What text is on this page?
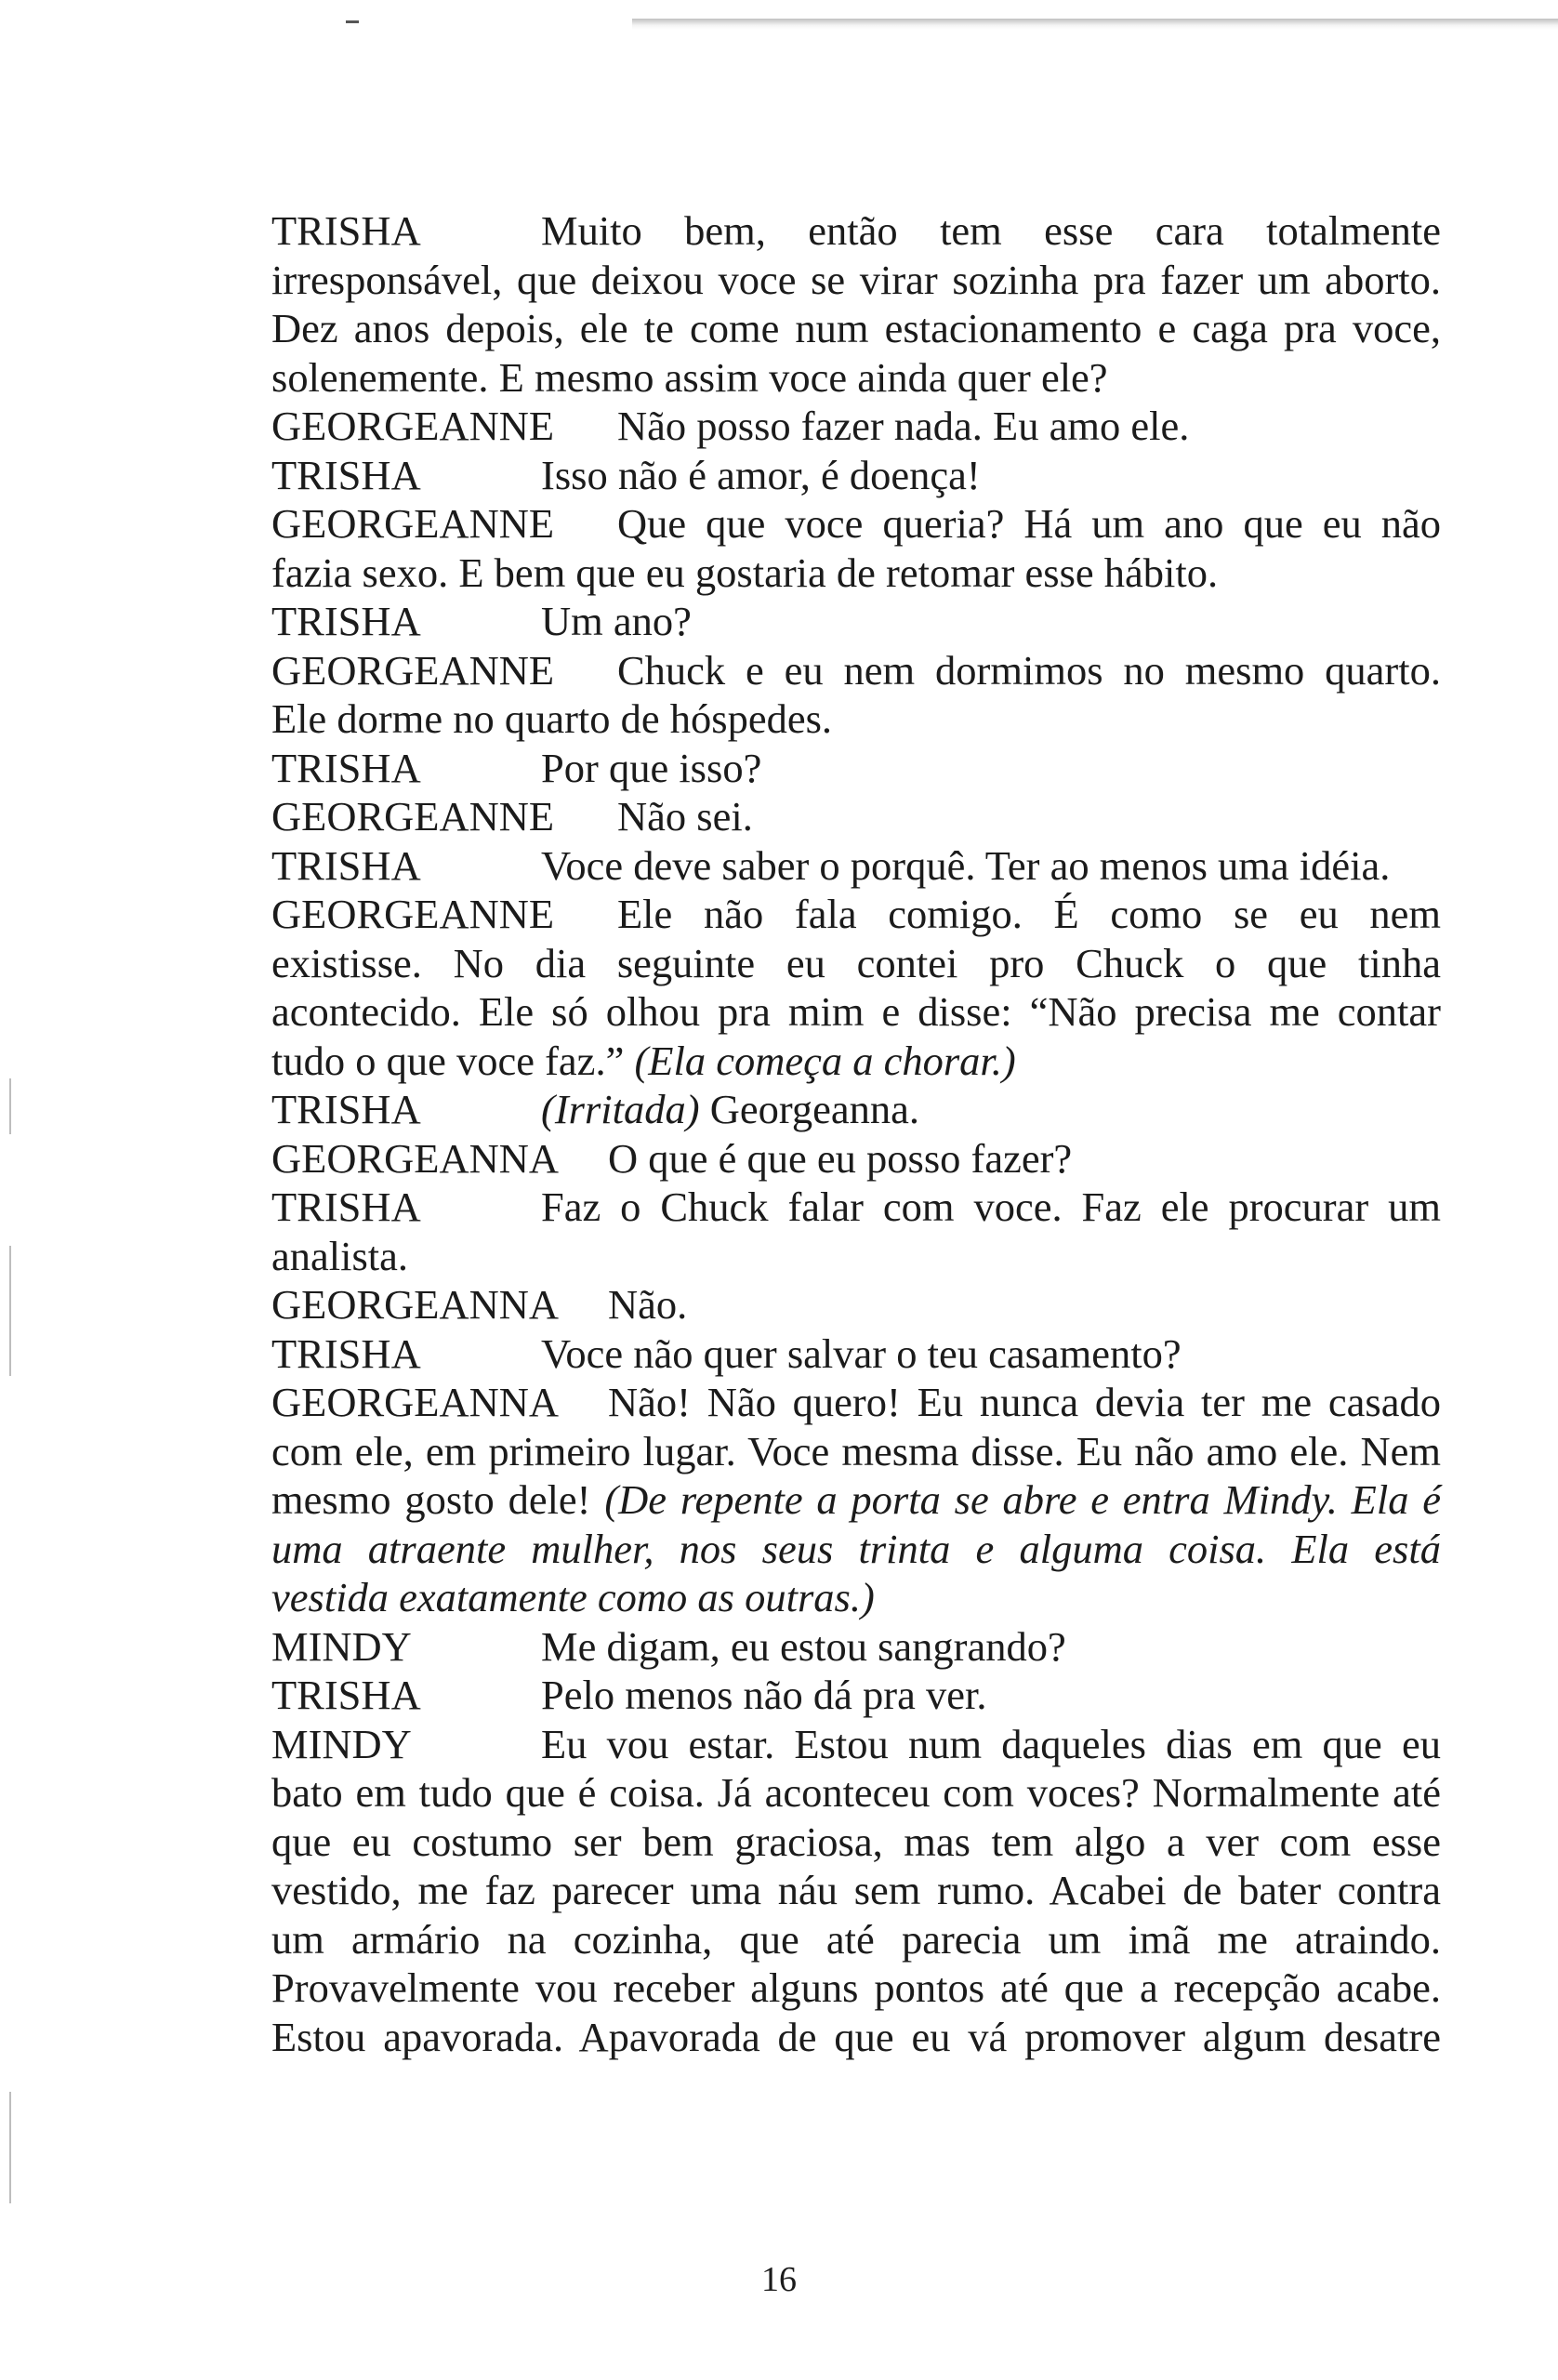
TRISHA	Muito bem, então tem esse cara totalmente
irresponsável, que deixou voce se virar sozinha pra fazer um aborto.
Dez anos depois, ele te come num estacionamento e caga pra voce,
solenemente. E mesmo assim voce ainda quer ele?
GEORGEANNE Não posso fazer nada. Eu amo ele.
TRISHA	Isso não é amor, é doença!
GEORGEANNE Que que voce queria? Há um ano que eu não
fazia sexo. E bem que eu gostaria de retomar esse hábito.
TRISHA	Um ano?
GEORGEANNE Chuck e eu nem dormimos no mesmo quarto.
Ele dorme no quarto de hóspedes.
TRISHA	Por que isso?
GEORGEANNE Não sei.
TRISHA	Voce deve saber o porquê. Ter ao menos uma idéia.
GEORGEANNE Ele não fala comigo. É como se eu nem
existisse. No dia seguinte eu contei pro Chuck o que tinha
acontecido. Ele só olhou pra mim e disse: “Não precisa me contar
tudo o que voce faz.” (Ela começa a chorar.)
TRISHA	(Irritada) Georgeanna.
GEORGEANNA O que é que eu posso fazer?
TRISHA	Faz o Chuck falar com voce. Faz ele procurar um
analista.
GEORGEANNA Não.
TRISHA	Voce não quer salvar o teu casamento?
GEORGEANNA Não! Não quero! Eu nunca devia ter me casado
com ele, em primeiro lugar. Voce mesma disse. Eu não amo ele. Nem
mesmo gosto dele! (De repente a porta se abre e entra Mindy. Ela é
uma atraente mulher, nos seus trinta e alguma coisa. Ela está
vestida exatamente como as outras.)
MINDY	Me digam, eu estou sangrando?
TRISHA	Pelo menos não dá pra ver.
MINDY	Eu vou estar. Estou num daqueles dias em que eu
bato em tudo que é coisa. Já aconteceu com voces? Normalmente até
que eu costumo ser bem graciosa, mas tem algo a ver com esse
vestido, me faz parecer uma náu sem rumo. Acabei de bater contra
um armário na cozinha, que até parecia um imã me atraindo.
Provavelmente vou receber alguns pontos até que a recepção acabe.
Estou apavorada. Apavorada de que eu vá promover algum desatre
16
